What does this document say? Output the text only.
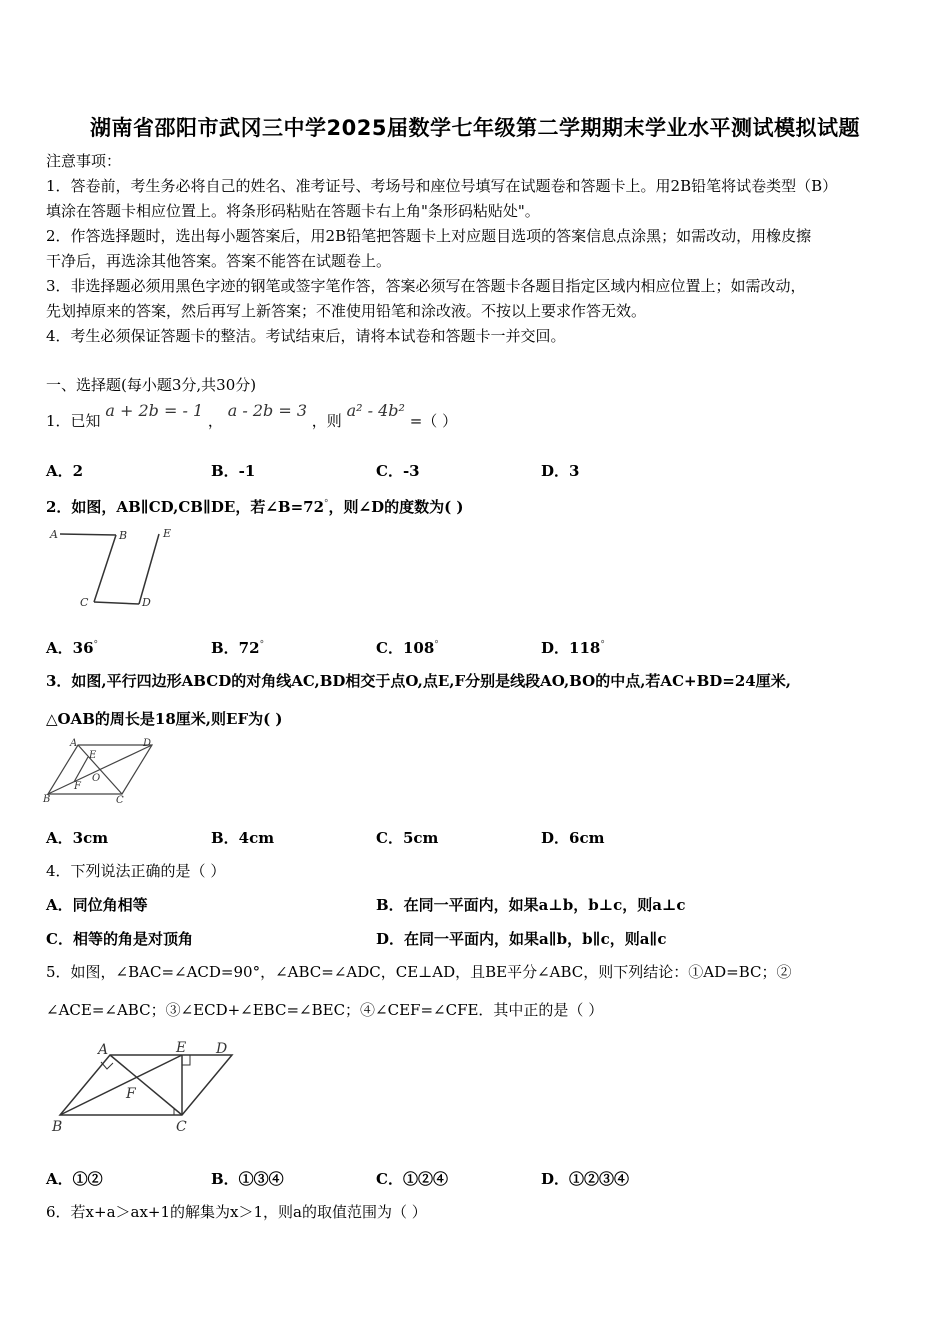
湖南省邵阳市武冈三中学2025届数学七年级第二学期期末学业水平测试模拟试题
注意事项：
1．答卷前，考生务必将自己的姓名、准考证号、考场号和座位号填写在试题卷和答题卡上。用2B铅笔将试卷类型（B）
填涂在答题卡相应位置上。将条形码粘贴在答题卡右上角"条形码粘贴处"。
2．作答选择题时，选出每小题答案后，用2B铅笔把答题卡上对应题目选项的答案信息点涂黑；如需改动，用橡皮擦
干净后，再选涂其他答案。答案不能答在试题卷上。
3．非选择题必须用黑色字迹的钢笔或签字笔作答，答案必须写在答题卡各题目指定区域内相应位置上；如需改动，
先划掉原来的答案，然后再写上新答案；不准使用铅笔和涂改液。不按以上要求作答无效。
4．考生必须保证答题卡的整洁。考试结束后，请将本试卷和答题卡一并交回。
一、选择题(每小题3分,共30分)
1．已知 a + 2b = - 1 ， a - 2b = 3 ，则 a² - 4b² =（ ）
A．2	B．-1	C．-3	D．3
2．如图，AB∥CD,CB∥DE，若∠B=72°，则∠D的度数为( )
A	B
C	D
E
A．36°	B．72°	C．108°	D．118°
3．如图,平行四边形ABCD的对角线AC,BD相交于点O,点E,F分别是线段AO,BO的中点,若AC+BD=24厘米,
△OAB的周长是18厘米,则EF为( )
A	D
B	C
E
F
O
A．3cm	B．4cm	C．5cm	D．6cm
4．下列说法正确的是（ ）
A．同位角相等	B．在同一平面内，如果a⊥b，b⊥c，则a⊥c
C．相等的角是对顶角	D．在同一平面内，如果a∥b，b∥c，则a∥c
5．如图，∠BAC=∠ACD=90°，∠ABC=∠ADC，CE⊥AD，且BE平分∠ABC，则下列结论：①AD=BC；②
∠ACE=∠ABC；③∠ECD+∠EBC=∠BEC；④∠CEF=∠CFE．其中正的是（ ）
A	E D
B	C
F
A．①②	B．①③④	C．①②④	D．①②③④
6．若x+a＞ax+1的解集为x＞1，则a的取值范围为（ ）
